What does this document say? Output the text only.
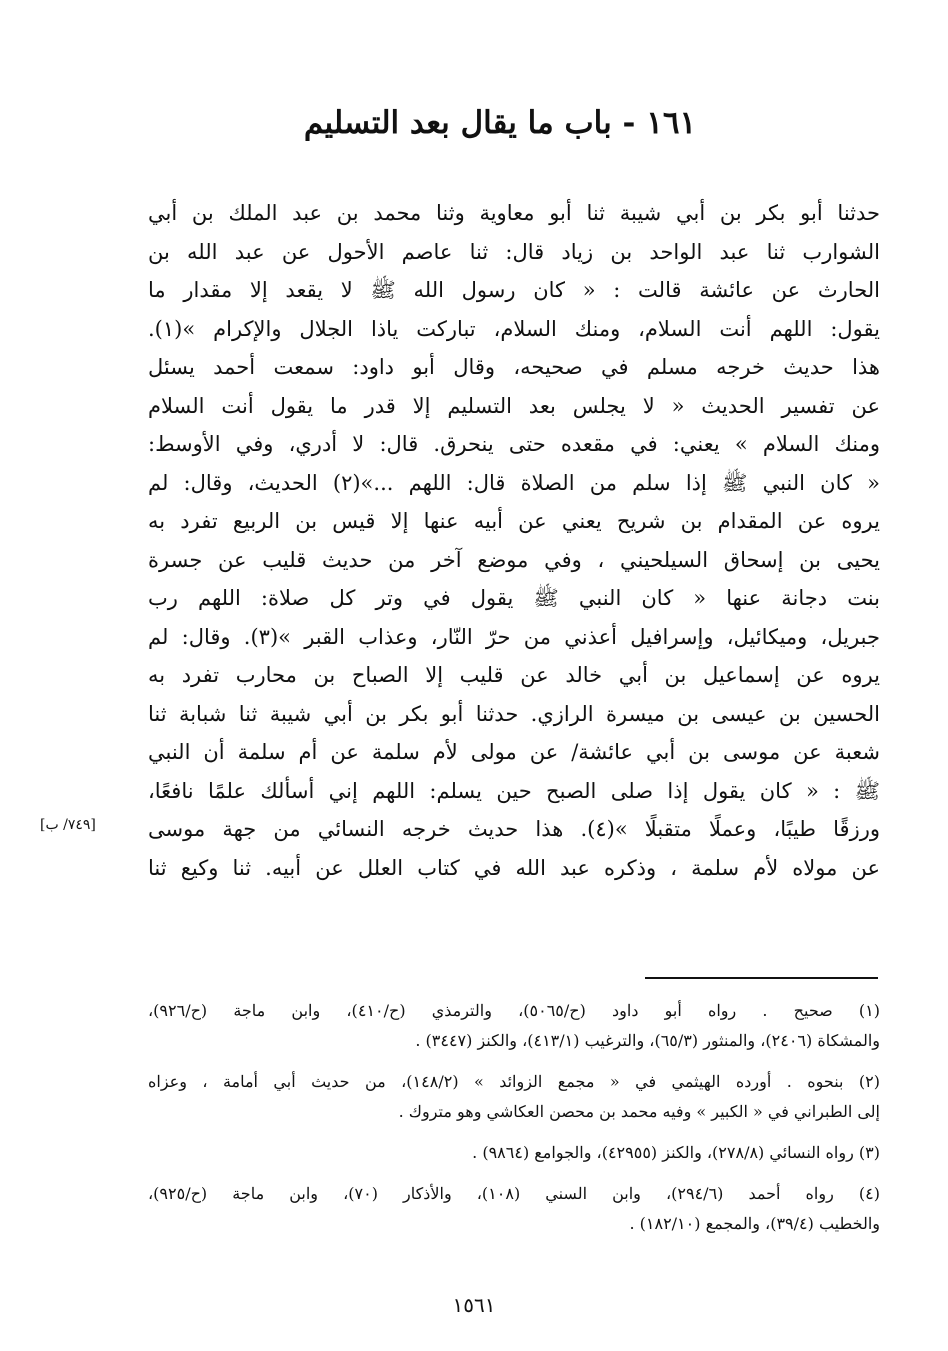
١٦١ - باب ما يقال بعد التسليم
حدثنا أبو بكر بن أبي شيبة ثنا أبو معاوية وثنا محمد بن عبد الملك بن أبي
الشوارب ثنا عبد الواحد بن زياد قال: ثنا عاصم الأحول عن عبد الله بن
الحارث عن عائشة قالت : « كان رسول الله ﷺ لا يقعد إلا مقدار ما
يقول: اللهم أنت السلام، ومنك السلام، تباركت ياذا الجلال والإكرام »(١).
هذا حديث خرجه مسلم في صحيحه، وقال أبو داود: سمعت أحمد يسئل
عن تفسير الحديث « لا يجلس بعد التسليم إلا قدر ما يقول أنت السلام
ومنك السلام » يعني: في مقعده حتى ينحرق. قال: لا أدري، وفي الأوسط:
« كان النبي ﷺ إذا سلم من الصلاة قال: اللهم ...»(٢) الحديث، وقال: لم
يروه عن المقدام بن شريح يعني عن أبيه عنها إلا قيس بن الربيع تفرد به
يحيى بن إسحاق السيلحيني ، وفي موضع آخر من حديث قليب عن جسرة
بنت دجانة عنها « كان النبي ﷺ يقول في وتر كل صلاة: اللهم رب
جبريل، وميكائيل، وإسرافيل أعذني من حرّ النّار، وعذاب القبر »(٣). وقال: لم
يروه عن إسماعيل بن أبي خالد عن قليب إلا الصباح بن محارب تفرد به
الحسين بن عيسى بن ميسرة الرازي. حدثنا أبو بكر بن أبي شيبة ثنا شبابة ثنا
شعبة عن موسى بن أبي عائشة/ عن مولى لأم سلمة عن أم سلمة أن النبي
ﷺ : « كان يقول إذا صلى الصبح حين يسلم: اللهم إني أسألك علمًا نافعًا،
ورزقًا طيبًا، وعملًا متقبلًا »(٤). هذا حديث خرجه النسائي من جهة موسى
عن مولاه لأم سلمة ، وذكره عبد الله في كتاب العلل عن أبيه. ثنا وكيع ثنا
[٧٤٩/ ب]

(١) صحيح . رواه أبو داود (ح/٥٠٦٥)، والترمذي (ح/٤١٠)، وابن ماجة (ح/٩٢٦)،
والمشكاة (٢٤٠٦)، والمنثور (٦٥/٣)، والترغيب (٤١٣/١)، والكنز (٣٤٤٧) .

(٢) بنحوه . أورده الهيثمي في « مجمع الزوائد » (١٤٨/٢)، من حديث أبي أمامة ، وعزاه
إلى الطبراني في « الكبير » وفيه محمد بن محصن العكاشي وهو متروك .

(٣) رواه النسائي (٢٧٨/٨)، والكنز (٤٢٩٥٥)، والجوامع (٩٨٦٤) .

(٤) رواه أحمد (٢٩٤/٦)، وابن السني (١٠٨)، والأذكار (٧٠)، وابن ماجة (ح/٩٢٥)،
والخطيب (٣٩/٤)، والمجمع (١٨٢/١٠) .

١٥٦١
